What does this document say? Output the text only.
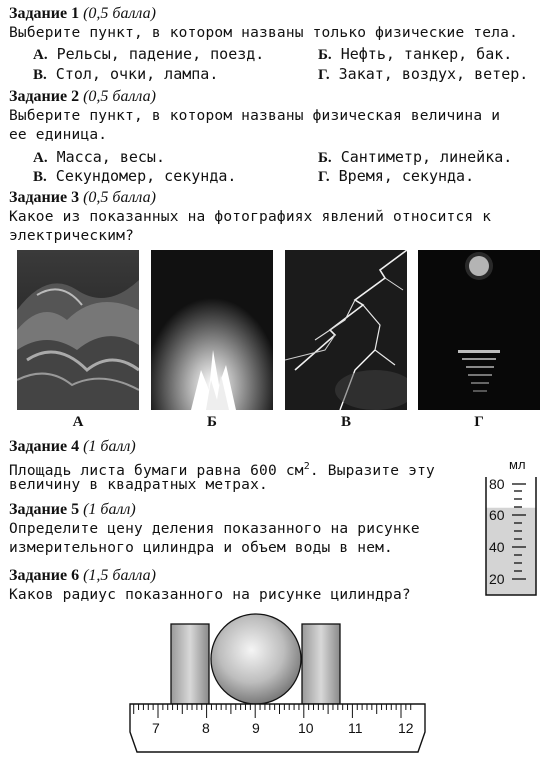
Задание 1 (0,5 балла)
Выберите пункт, в котором названы только физические тела.
А. Рельсы, падение, поезд.	Б. Нефть, танкер, бак.
В. Стол, очки, лампа.	Г. Закат, воздух, ветер.
Задание 2 (0,5 балла)
Выберите пункт, в котором названы физическая величина и
ее единица.
А. Масса, весы.	Б. Сантиметр, линейка.
В. Секундомер, секунда.	Г. Время, секунда.
Задание 3 (0,5 балла)
Какое из показанных на фотографиях явлений относится к
электрическим?
А	Б	В	Г
Задание 4 (1 балл)
Площадь листа бумаги равна 600 $см^2$. Выразите эту
величину в квадратных метрах.
Задание 5 (1 балл)
Определите цену деления показанного на рисунке
измерительного цилиндра и объем воды в нем.
Задание 6 (1,5 балла)
Каков радиус показанного на рисунке цилиндра?
мл
80
60
40
20
7	8	9	10 11	12
